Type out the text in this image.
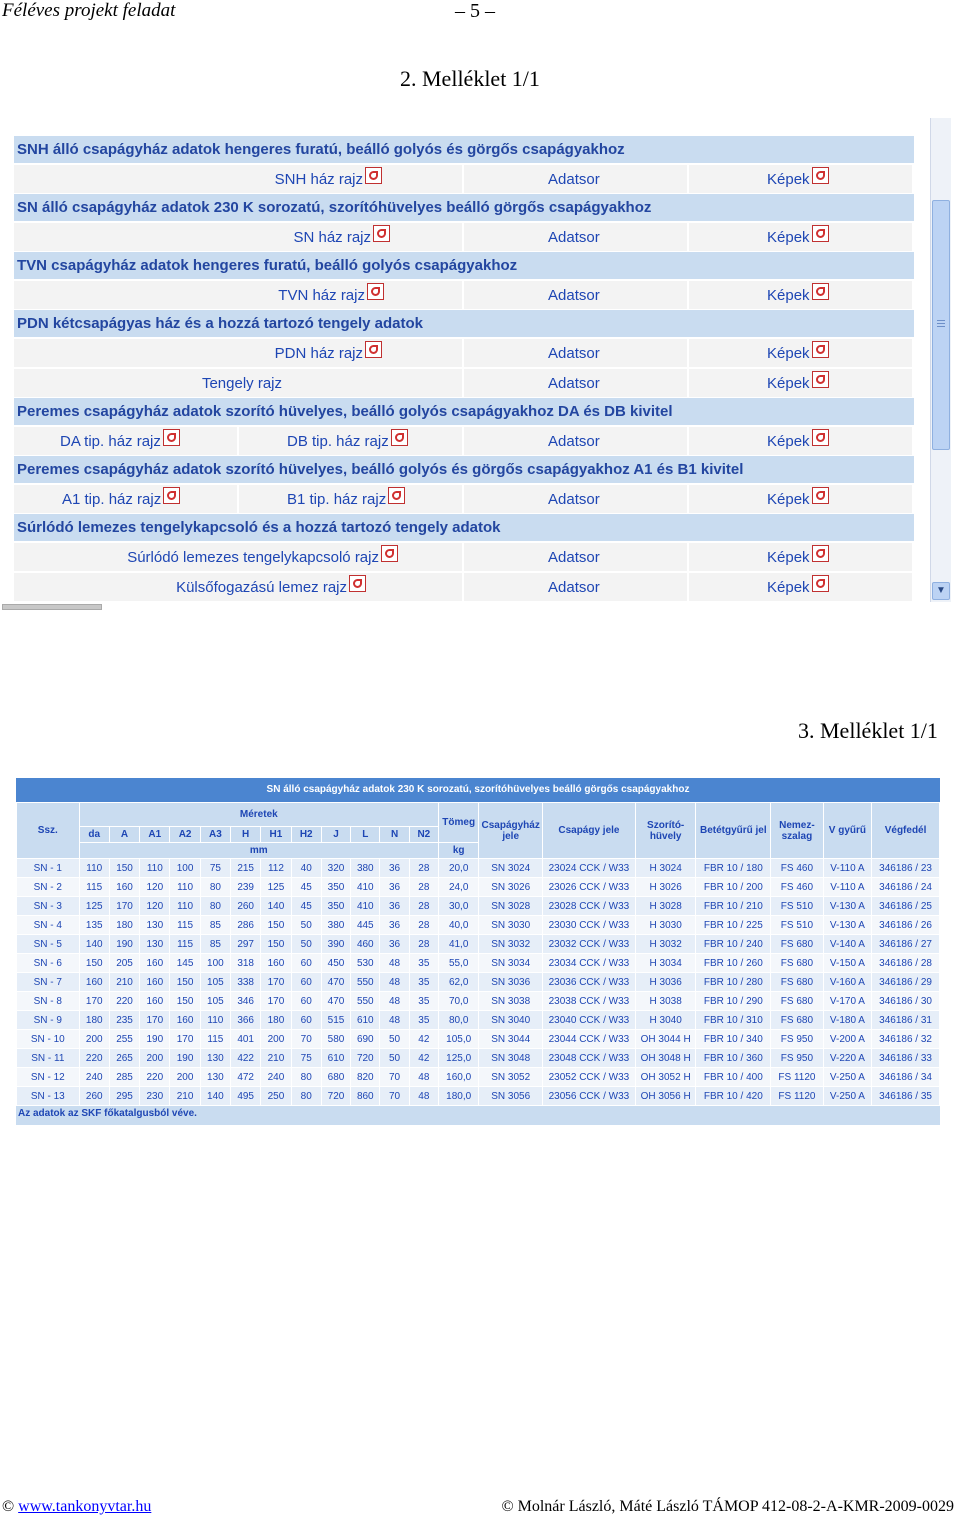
Féléves projekt feladat	– 5 –
2. Melléklet 1/1
SNH álló csapágyház adatok hengeres furatú, beálló golyós és görgős csapágyakhoz
SNH ház rajz	Adatsor	Képek
SN álló csapágyház adatok 230 K sorozatú, szorítóhüvelyes beálló görgős csapágyakhoz
SN ház rajz	Adatsor	Képek
TVN csapágyház adatok hengeres furatú, beálló golyós csapágyakhoz
TVN ház rajz	Adatsor	Képek
PDN kétcsapágyas ház és a hozzá tartozó tengely adatok
PDN ház rajz	Adatsor	Képek
Tengely rajz	Adatsor	Képek
Peremes csapágyház adatok szorító hüvelyes, beálló golyós csapágyakhoz DA és DB kivitel
DA tip. ház rajz	DB tip. ház rajz	Adatsor	Képek
Peremes csapágyház adatok szorító hüvelyes, beálló golyós és görgős csapágyakhoz A1 és B1 kivitel
A1 tip. ház rajz	B1 tip. ház rajz	Adatsor	Képek
Súrlódó lemezes tengelykapcsoló és a hozzá tartozó tengely adatok
Súrlódó lemezes tengelykapcsoló rajz	Adatsor	Képek
Külsőfogazású lemez rajz	Adatsor	Képek	▼
3. Melléklet 1/1
SN álló csapágyház adatok 230 K sorozatú, szorítóhüvelyes beálló görgős csapágyakhoz
Ssz.	Méretek												Tömeg	Csapágyház jele	Csapágy jele	Szorító-hüvely	Betétgyűrű jel	Nemez-szalag	V gyűrű	Végfedél
	da	A	A1	A2	A3	H	H1	H2	J	L	N	N2								
	mm												kg							
SN - 1	110	150	110	100	75	215	112	40	320	380	36	28	20,0	SN 3024	23024 CCK / W33	H 3024	FBR 10 / 180	FS 460	V-110 A	346186 / 23
SN - 2	115	160	120	110	80	239	125	45	350	410	36	28	24,0	SN 3026	23026 CCK / W33	H 3026	FBR 10 / 200	FS 460	V-110 A	346186 / 24
SN - 3	125	170	120	110	80	260	140	45	350	410	36	28	30,0	SN 3028	23028 CCK / W33	H 3028	FBR 10 / 210	FS 510	V-130 A	346186 / 25
SN - 4	135	180	130	115	85	286	150	50	380	445	36	28	40,0	SN 3030	23030 CCK / W33	H 3030	FBR 10 / 225	FS 510	V-130 A	346186 / 26
SN - 5	140	190	130	115	85	297	150	50	390	460	36	28	41,0	SN 3032	23032 CCK / W33	H 3032	FBR 10 / 240	FS 680	V-140 A	346186 / 27
SN - 6	150	205	160	145	100	318	160	60	450	530	48	35	55,0	SN 3034	23034 CCK / W33	H 3034	FBR 10 / 260	FS 680	V-150 A	346186 / 28
SN - 7	160	210	160	150	105	338	170	60	470	550	48	35	62,0	SN 3036	23036 CCK / W33	H 3036	FBR 10 / 280	FS 680	V-160 A	346186 / 29
SN - 8	170	220	160	150	105	346	170	60	470	550	48	35	70,0	SN 3038	23038 CCK / W33	H 3038	FBR 10 / 290	FS 680	V-170 A	346186 / 30
SN - 9	180	235	170	160	110	366	180	60	515	610	48	35	80,0	SN 3040	23040 CCK / W33	H 3040	FBR 10 / 310	FS 680	V-180 A	346186 / 31
SN - 10	200	255	190	170	115	401	200	70	580	690	50	42	105,0	SN 3044	23044 CCK / W33	OH 3044 H	FBR 10 / 340	FS 950	V-200 A	346186 / 32
SN - 11	220	265	200	190	130	422	210	75	610	720	50	42	125,0	SN 3048	23048 CCK / W33	OH 3048 H	FBR 10 / 360	FS 950	V-220 A	346186 / 33
SN - 12	240	285	220	200	130	472	240	80	680	820	70	48	160,0	SN 3052	23052 CCK / W33	OH 3052 H	FBR 10 / 400	FS 1120	V-250 A	346186 / 34
SN - 13	260	295	230	210	140	495	250	80	720	860	70	48	180,0	SN 3056	23056 CCK / W33	OH 3056 H	FBR 10 / 420	FS 1120	V-250 A	346186 / 35
Az adatok az SKF főkatalgusból véve.
© www.tankonyvtar.hu	© Molnár László, Máté László TÁMOP 412-08-2-A-KMR-2009-0029
